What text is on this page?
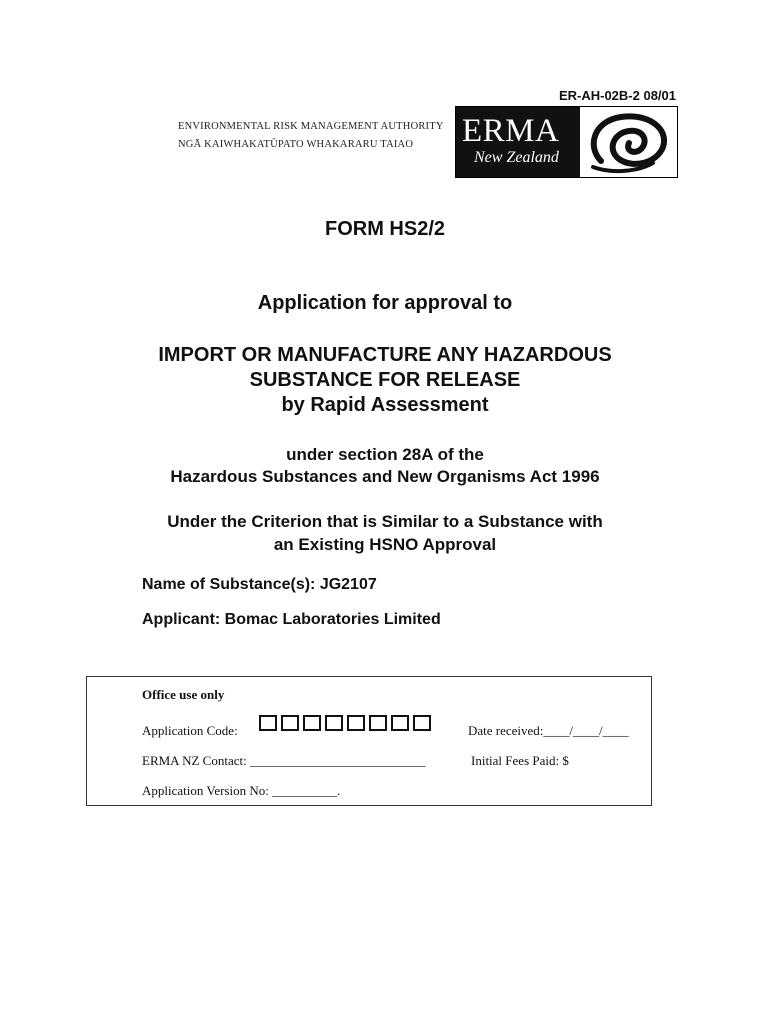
ER-AH-02B-2 08/01
ENVIRONMENTAL RISK MANAGEMENT AUTHORITY
NGĀ KAIWHAKATŪPATO WHAKARARU TAIAO	ERMA
New Zealand
FORM HS2/2
Application for approval to
IMPORT OR MANUFACTURE ANY HAZARDOUS
SUBSTANCE FOR RELEASE
by Rapid Assessment
under section 28A of the
Hazardous Substances and New Organisms Act 1996
Under the Criterion that is Similar to a Substance with
an Existing HSNO Approval
Name of Substance(s): JG2107
Applicant: Bomac Laboratories Limited
Office use only
Application Code:	Date received:____/____/____
ERMA NZ Contact: ___________________________	Initial Fees Paid: $
Application Version No: __________.
